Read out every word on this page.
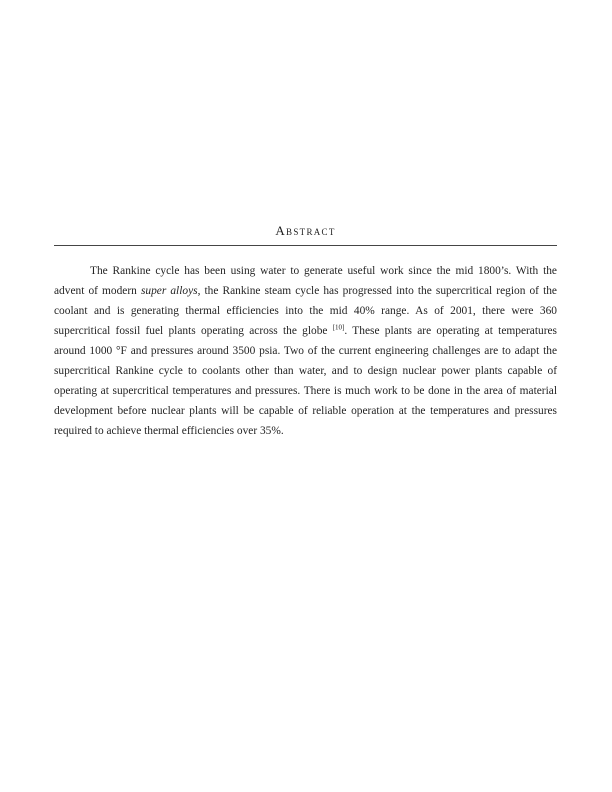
Abstract

The Rankine cycle has been using water to generate useful work since the mid 1800’s. With the advent of modern super alloys, the Rankine steam cycle has progressed into the supercritical region of the coolant and is generating thermal efficiencies into the mid 40% range. As of 2001, there were 360 supercritical fossil fuel plants operating across the globe [10]. These plants are operating at temperatures around 1000 °F and pressures around 3500 psia. Two of the current engineering challenges are to adapt the supercritical Rankine cycle to coolants other than water, and to design nuclear power plants capable of operating at supercritical temperatures and pressures. There is much work to be done in the area of material development before nuclear plants will be capable of reliable operation at the temperatures and pressures required to achieve thermal efficiencies over 35%.
